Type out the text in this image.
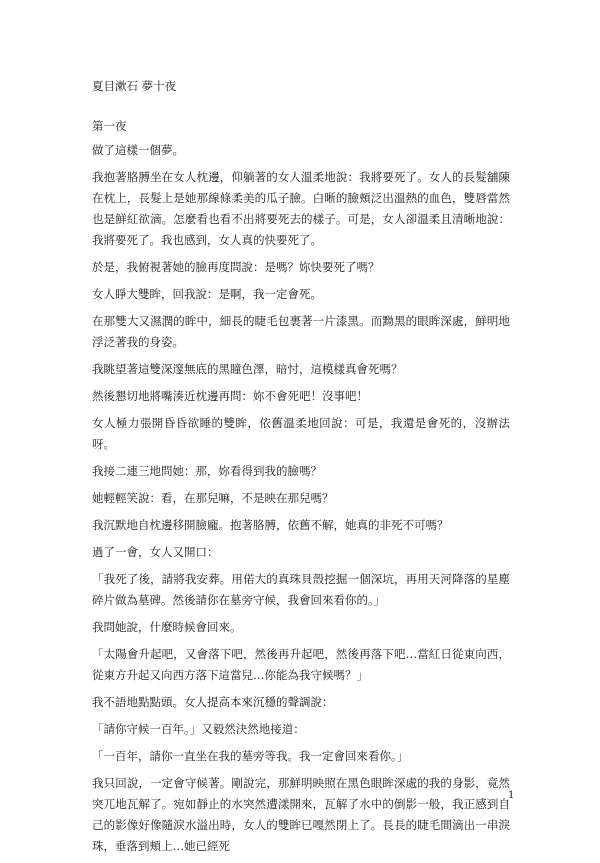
夏目漱石 夢十夜
第一夜

做了這樣一個夢。

我抱著胳膊坐在女人枕邊，仰躺著的女人溫柔地說：我將要死了。女人的長髮舖陳在枕上，長髮上是她那線條柔美的瓜子臉。白晰的臉頰泛出溫熱的血色，雙唇當然也是鮮紅欲滴。怎麼看也看不出將要死去的樣子。可是，女人卻溫柔且清晰地說：我將要死了。我也感到，女人真的快要死了。

於是，我俯視著她的臉再度問說：是嗎？妳快要死了嗎？

女人睜大雙眸，回我說：是啊，我一定會死。

在那雙大又濕潤的眸中，細長的睫毛包裹著一片漆黑。而黝黑的眼眸深處，鮮明地浮泛著我的身姿。

我眺望著這雙深邃無底的黑瞳色澤，暗忖，這模樣真會死嗎？

然後懇切地將嘴湊近枕邊再問：妳不會死吧！沒事吧！

女人極力張開昏昏欲睡的雙眸，依舊溫柔地回說：可是，我還是會死的，沒辦法呀。

我接二連三地問她：那，妳看得到我的臉嗎？

她輕輕笑說：看，在那兒嘛，不是映在那兒嗎？

我沉默地自枕邊移開臉龐。抱著胳膊，依舊不解，她真的非死不可嗎？

過了一會，女人又開口：

「我死了後，請將我安葬。用偌大的真珠貝殼挖掘一個深坑，再用天河降落的星塵碎片做為墓碑。然後請你在墓旁守候，我會回來看你的。」

我問她說，什麼時候會回來。

「太陽會升起吧，又會落下吧，然後再升起吧，然後再落下吧…當紅日從東向西，從東方升起又向西方落下這當兒…你能為我守候嗎？」

我不語地點點頭。女人提高本來沉穩的聲調說：

「請你守候一百年。」又毅然決然地接道：

「一百年，請你一直坐在我的墓旁等我。我一定會回來看你。」

我只回說，一定會守候著。剛說完，那鮮明映照在黑色眼眸深處的我的身影，竟然突兀地瓦解了。宛如靜止的水突然遭漾開來，瓦解了水中的倒影一般，我正感到自己的影像好像隨淚水溢出時，女人的雙眸已嘎然閉上了。長長的睫毛間滴出一串淚珠，垂落到頰上…她已經死

1
